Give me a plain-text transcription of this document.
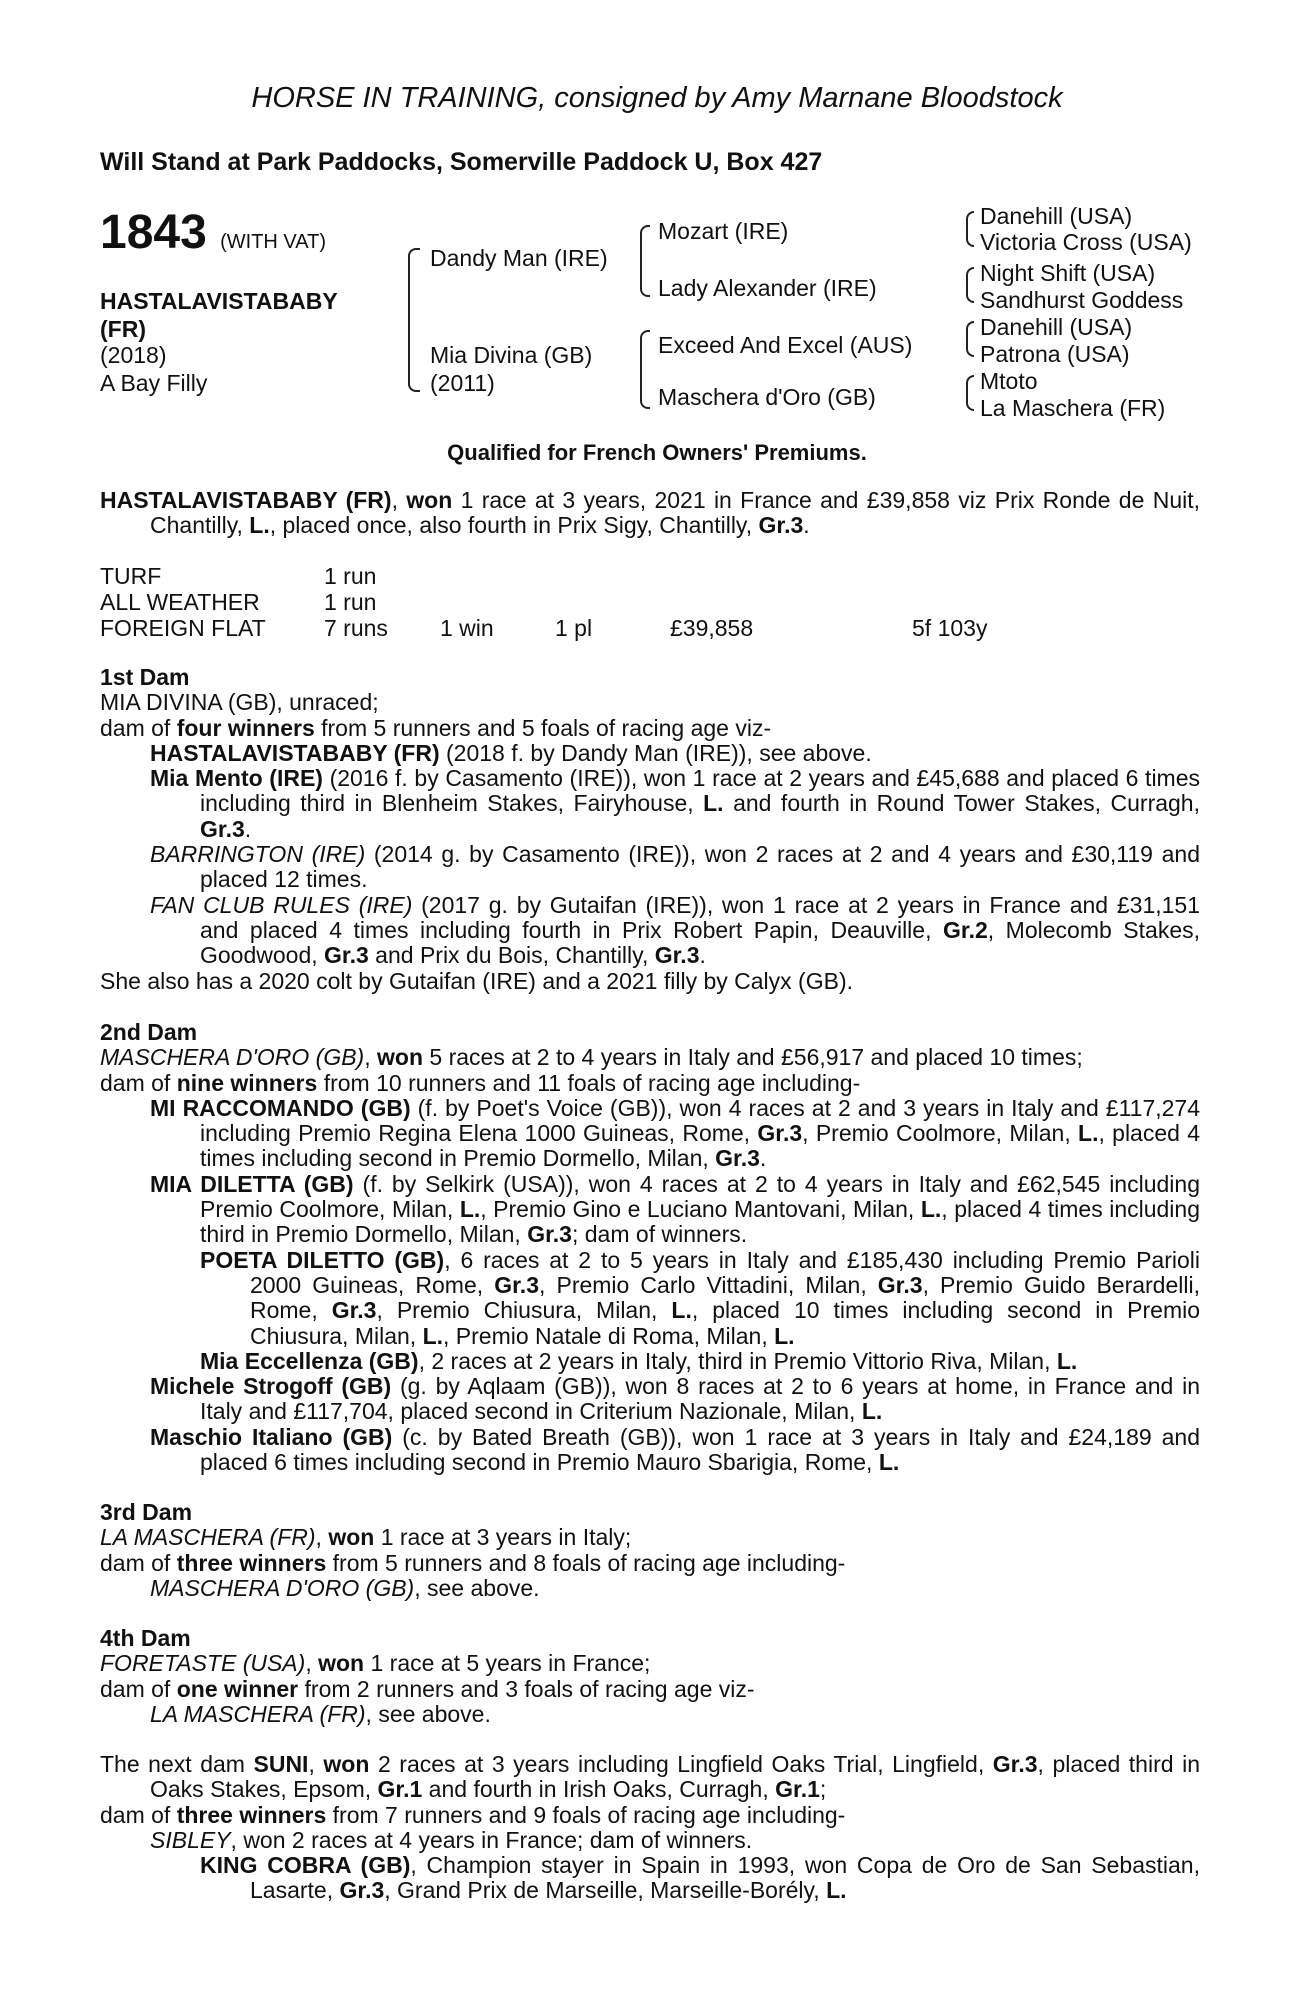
HORSE IN TRAINING, consigned by Amy Marnane Bloodstock
Will Stand at Park Paddocks, Somerville Paddock U, Box 427
1843 (WITH VAT)
HASTALAVISTABABY
(FR)
(2018)
A Bay Filly
Dandy Man (IRE)
Mia Divina (GB)
(2011)
Mozart (IRE)
Lady Alexander (IRE)
Exceed And Excel (AUS)
Maschera d'Oro (GB)
Danehill (USA)
Victoria Cross (USA)
Night Shift (USA)
Sandhurst Goddess
Danehill (USA)
Patrona (USA)
Mtoto
La Maschera (FR)
Qualified for French Owners' Premiums.

HASTALAVISTABABY (FR), won 1 race at 3 years, 2021 in France and £39,858 viz Prix Ronde de Nuit, Chantilly, L., placed once, also fourth in Prix Sigy, Chantilly, Gr.3.

TURF	1 run
ALL WEATHER	1 run
FOREIGN FLAT	7 runs 1 win	1 pl	£39,858	5f 103y

1st Dam

MIA DIVINA (GB), unraced;

dam of four winners from 5 runners and 5 foals of racing age viz-

HASTALAVISTABABY (FR) (2018 f. by Dandy Man (IRE)), see above.

Mia Mento (IRE) (2016 f. by Casamento (IRE)), won 1 race at 2 years and £45,688 and placed 6 times including third in Blenheim Stakes, Fairyhouse, L. and fourth in Round Tower Stakes, Curragh, Gr.3.

BARRINGTON (IRE) (2014 g. by Casamento (IRE)), won 2 races at 2 and 4 years and £30,119 and placed 12 times.

FAN CLUB RULES (IRE) (2017 g. by Gutaifan (IRE)), won 1 race at 2 years in France and £31,151 and placed 4 times including fourth in Prix Robert Papin, Deauville, Gr.2, Molecomb Stakes, Goodwood, Gr.3 and Prix du Bois, Chantilly, Gr.3.

She also has a 2020 colt by Gutaifan (IRE) and a 2021 filly by Calyx (GB).

2nd Dam

MASCHERA D'ORO (GB), won 5 races at 2 to 4 years in Italy and £56,917 and placed 10 times;

dam of nine winners from 10 runners and 11 foals of racing age including-

MI RACCOMANDO (GB) (f. by Poet's Voice (GB)), won 4 races at 2 and 3 years in Italy and £117,274 including Premio Regina Elena 1000 Guineas, Rome, Gr.3, Premio Coolmore, Milan, L., placed 4 times including second in Premio Dormello, Milan, Gr.3.

MIA DILETTA (GB) (f. by Selkirk (USA)), won 4 races at 2 to 4 years in Italy and £62,545 including Premio Coolmore, Milan, L., Premio Gino e Luciano Mantovani, Milan, L., placed 4 times including third in Premio Dormello, Milan, Gr.3; dam of winners.

POETA DILETTO (GB), 6 races at 2 to 5 years in Italy and £185,430 including Premio Parioli 2000 Guineas, Rome, Gr.3, Premio Carlo Vittadini, Milan, Gr.3, Premio Guido Berardelli, Rome, Gr.3, Premio Chiusura, Milan, L., placed 10 times including second in Premio Chiusura, Milan, L., Premio Natale di Roma, Milan, L.

Mia Eccellenza (GB), 2 races at 2 years in Italy, third in Premio Vittorio Riva, Milan, L.

Michele Strogoff (GB) (g. by Aqlaam (GB)), won 8 races at 2 to 6 years at home, in France and in Italy and £117,704, placed second in Criterium Nazionale, Milan, L.

Maschio Italiano (GB) (c. by Bated Breath (GB)), won 1 race at 3 years in Italy and £24,189 and placed 6 times including second in Premio Mauro Sbarigia, Rome, L.

3rd Dam

LA MASCHERA (FR), won 1 race at 3 years in Italy;

dam of three winners from 5 runners and 8 foals of racing age including-

MASCHERA D'ORO (GB), see above.

4th Dam

FORETASTE (USA), won 1 race at 5 years in France;

dam of one winner from 2 runners and 3 foals of racing age viz-

LA MASCHERA (FR), see above.

The next dam SUNI, won 2 races at 3 years including Lingfield Oaks Trial, Lingfield, Gr.3, placed third in Oaks Stakes, Epsom, Gr.1 and fourth in Irish Oaks, Curragh, Gr.1;

dam of three winners from 7 runners and 9 foals of racing age including-

SIBLEY, won 2 races at 4 years in France; dam of winners.

KING COBRA (GB), Champion stayer in Spain in 1993, won Copa de Oro de San Sebastian, Lasarte, Gr.3, Grand Prix de Marseille, Marseille-Borély, L.
